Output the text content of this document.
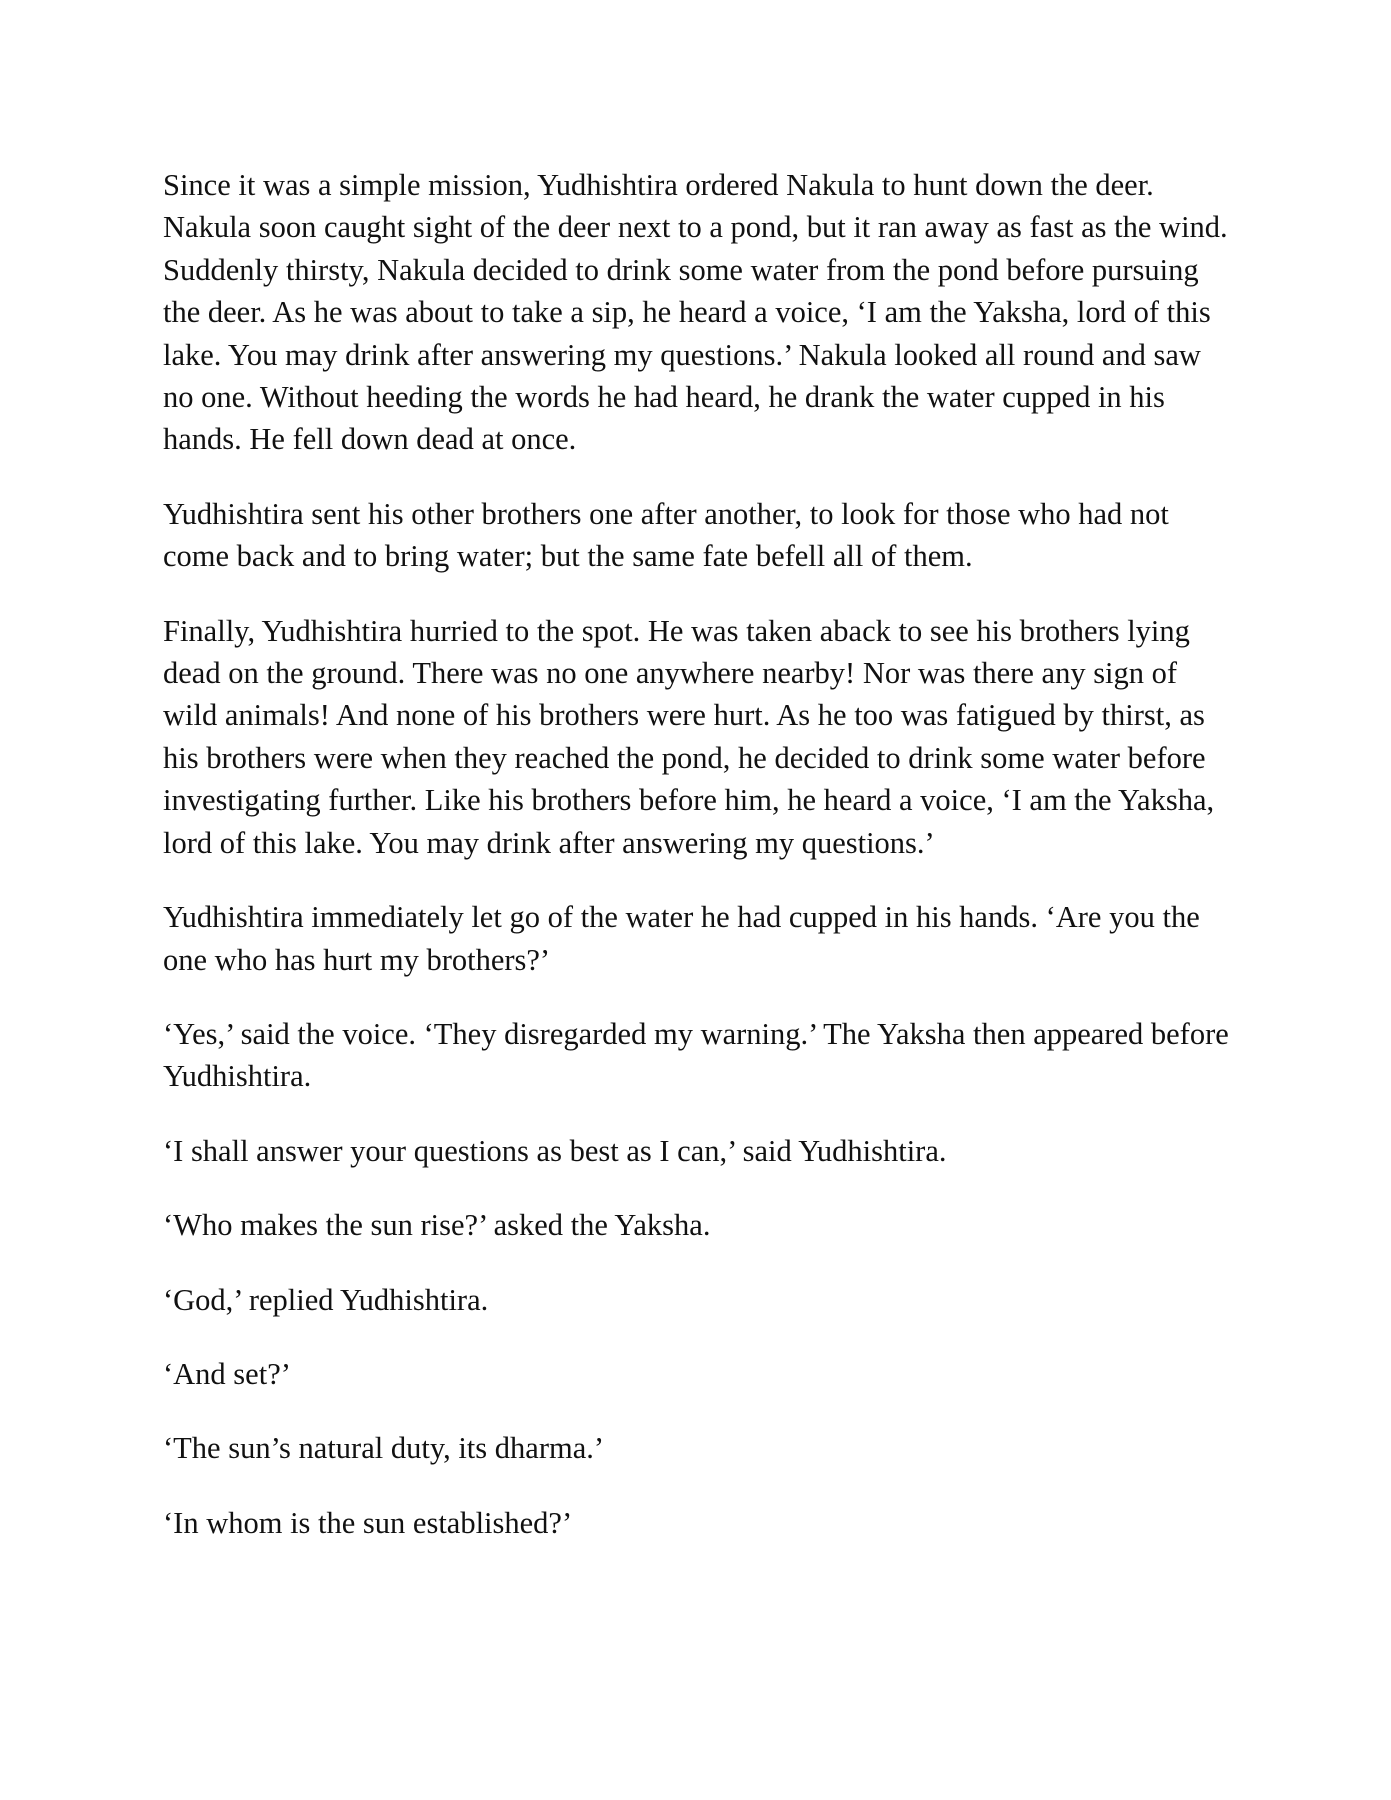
Since it was a simple mission, Yudhishtira ordered Nakula to hunt down the deer. Nakula soon caught sight of the deer next to a pond, but it ran away as fast as the wind. Suddenly thirsty, Nakula decided to drink some water from the pond before pursuing the deer. As he was about to take a sip, he heard a voice, ‘I am the Yaksha, lord of this lake. You may drink after answering my questions.’ Nakula looked all round and saw no one. Without heeding the words he had heard, he drank the water cupped in his hands. He fell down dead at once.

Yudhishtira sent his other brothers one after another, to look for those who had not come back and to bring water; but the same fate befell all of them.

Finally, Yudhishtira hurried to the spot. He was taken aback to see his brothers lying dead on the ground. There was no one anywhere nearby! Nor was there any sign of wild animals! And none of his brothers were hurt. As he too was fatigued by thirst, as his brothers were when they reached the pond, he decided to drink some water before investigating further. Like his brothers before him, he heard a voice, ‘I am the Yaksha, lord of this lake. You may drink after answering my questions.’

Yudhishtira immediately let go of the water he had cupped in his hands. ‘Are you the one who has hurt my brothers?’

‘Yes,’ said the voice. ‘They disregarded my warning.’ The Yaksha then appeared before Yudhishtira.

‘I shall answer your questions as best as I can,’ said Yudhishtira.

‘Who makes the sun rise?’ asked the Yaksha.

‘God,’ replied Yudhishtira.

‘And set?’

‘The sun’s natural duty, its dharma.’

‘In whom is the sun established?’
